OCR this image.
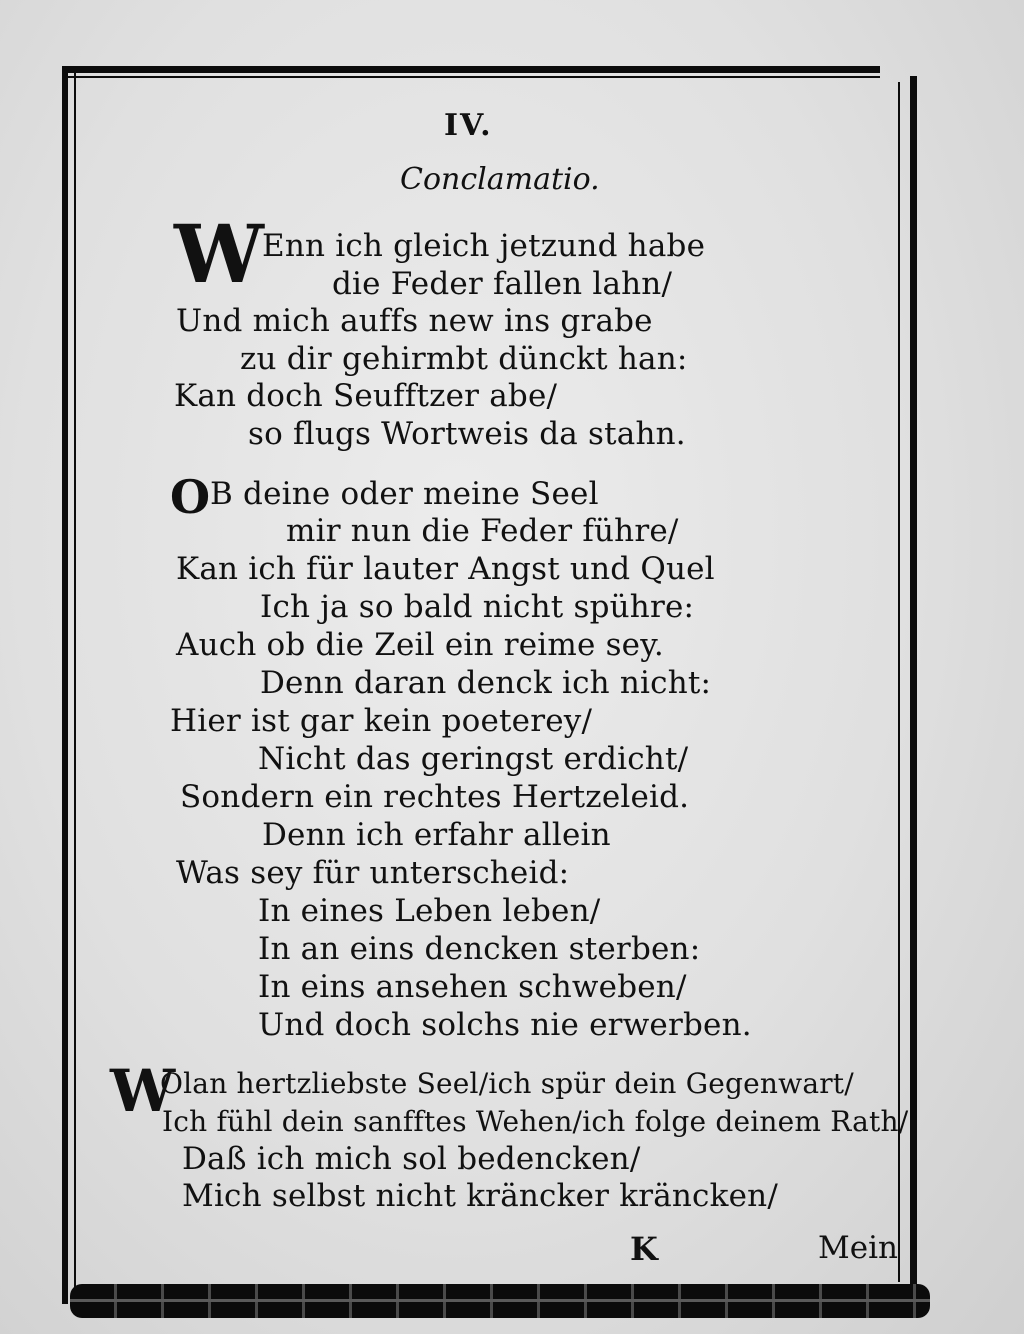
IV.
Conclamatio.
W
Enn ich gleich jetzund habe
die Feder fallen lahn/
Und mich auffs new ins grabe
zu dir gehirmbt dünckt han:
Kan doch Seufftzer abe/
so flugs Wortweis da stahn.
O B deine oder meine Seel
mir nun die Feder führe/
Kan ich für lauter Angst und Quel
Ich ja so bald nicht spühre:
Auch ob die Zeil ein reime sey.
Denn daran denck ich nicht:
Hier ist gar kein poeterey/
Nicht das geringst erdicht/
Sondern ein rechtes Hertzeleid.
Denn ich erfahr allein
Was sey für unterscheid:
In eines Leben leben/
In an eins dencken sterben:
In eins ansehen schweben/
Und doch solchs nie erwerben.
W
Olan hertzliebste Seel/ich spür dein Gegenwart/
Ich fühl dein sanfftes Wehen/ich folge deinem Rath/
Daß ich mich sol bedencken/
Mich selbst nicht kräncker kräncken/
K	Mein
